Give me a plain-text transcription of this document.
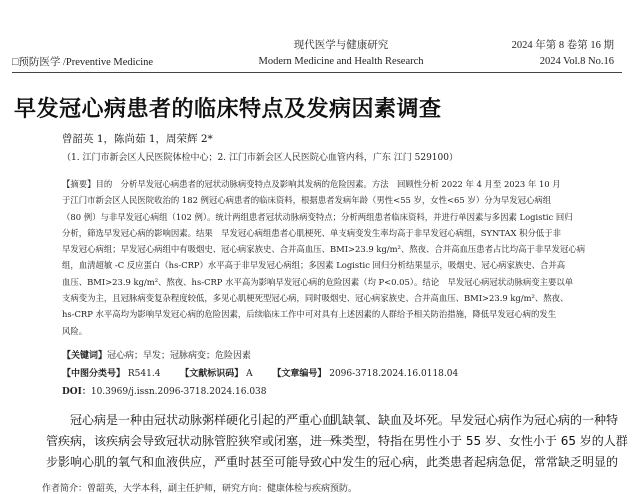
□预防医学 /Preventive Medicine
现代医学与健康研究
Modern Medicine and Health Research
2024 年第 8 卷第 16 期
2024 Vol.8 No.16
早发冠心病患者的临床特点及发病因素调查
曾韶英 1，陈尚茹 1，周荣辉 2*
（1. 江门市新会区人民医院体检中心；2. 江门市新会区人民医院心血管内科，广东 江门 529100）
【摘要】目的　分析早发冠心病患者的冠状动脉病变特点及影响其发病的危险因素。方法　回顾性分析 2022 年 4 月至 2023 年 10 月
于江门市新会区人民医院收治的 182 例冠心病患者的临床资料，根据患者发病年龄（男性<55 岁，女性<65 岁）分为早发冠心病组
（80 例）与非早发冠心病组（102 例）。统计两组患者冠状动脉病变特点；分析两组患者临床资料，并进行单因素与多因素 Logistic 回归
分析，筛选早发冠心病的影响因素。结果　早发冠心病组患者心肌梗死、单支病变发生率均高于非早发冠心病组，SYNTAX 积分低于非
早发冠心病组；早发冠心病组中有吸烟史、冠心病家族史、合并高血压、BMI>23.9 kg/m²、熬夜、合并高血压患者占比均高于非早发冠心病
组，血清超敏 -C 反应蛋白（hs-CRP）水平高于非早发冠心病组；多因素 Logistic 回归分析结果显示，吸烟史、冠心病家族史、合并高
血压、BMI>23.9 kg/m²、熬夜、hs-CRP 水平高为影响早发冠心病的危险因素（均 P<0.05）。结论　早发冠心病冠状动脉病变主要以单
支病变为主，且冠脉病变复杂程度较低，多见心肌梗死型冠心病，同时吸烟史、冠心病家族史、合并高血压、BMI>23.9 kg/m²、熬夜、
hs-CRP 水平高均为影响早发冠心病的危险因素，后续临床工作中可对具有上述因素的人群给予相关防治措施，降低早发冠心病的发生
风险。
【关键词】冠心病；早发；冠脉病变；危险因素
【中图分类号】 R541.4 【文献标识码】 A 【文章编号】 2096-3718.2024.16.0118.04
DOI：10.3969/j.issn.2096-3718.2024.16.038
冠心病是一种由冠状动脉粥样硬化引起的严重心血
管疾病，该疾病会导致冠状动脉管腔狭窄或闭塞，进一
步影响心肌的氧气和血液供应，严重时甚至可能导致心
肌缺氧、缺血及坏死。早发冠心病作为冠心病的一种特
殊类型，特指在男性小于 55 岁、女性小于 65 岁的人群
中发生的冠心病，此类患者起病急促，常常缺乏明显的
作者简介：曾韶英，大学本科，副主任护师，研究方向：健康体检与疾病预防。
